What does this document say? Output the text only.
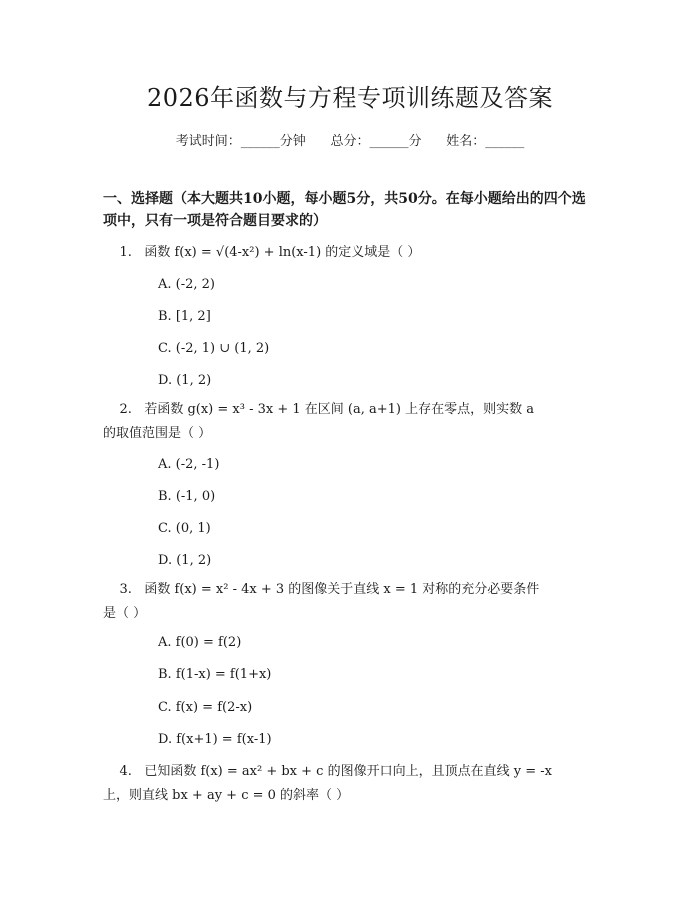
2026年函数与方程专项训练题及答案
考试时间：______分钟      总分：______分      姓名：______
一、选择题（本大题共10小题，每小题5分，共50分。在每小题给出的四个选
项中，只有一项是符合题目要求的）
1.   函数 f(x) = √(4-x²) + ln(x-1) 的定义域是（ ）
A. (-2, 2)
B. [1, 2]
C. (-2, 1) ∪ (1, 2)
D. (1, 2)
2.   若函数 g(x) = x³ - 3x + 1 在区间 (a, a+1) 上存在零点，则实数 a
的取值范围是（ ）
A. (-2, -1)
B. (-1, 0)
C. (0, 1)
D. (1, 2)
3.   函数 f(x) = x² - 4x + 3 的图像关于直线 x = 1 对称的充分必要条件
是（ ）
A. f(0) = f(2)
B. f(1-x) = f(1+x)
C. f(x) = f(2-x)
D. f(x+1) = f(x-1)
4.   已知函数 f(x) = ax² + bx + c 的图像开口向上，且顶点在直线 y = -x
上，则直线 bx + ay + c = 0 的斜率（ ）
